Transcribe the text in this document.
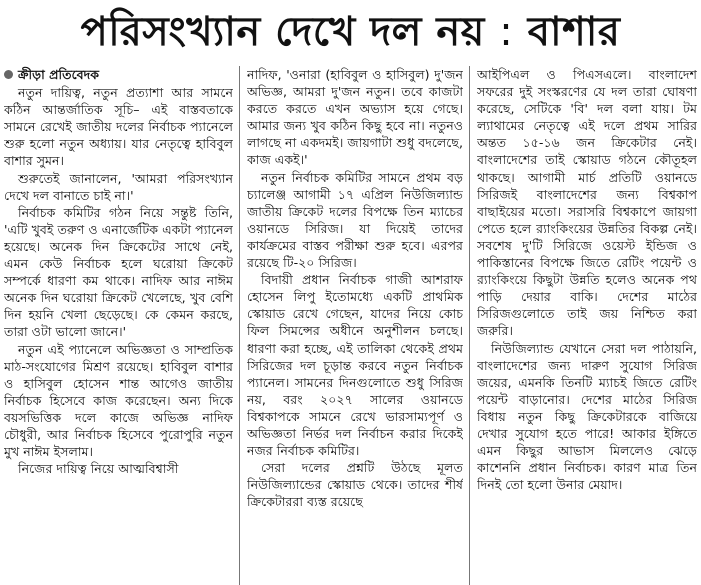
পরিসংখ্যান দেখে দল নয় : বাশার
ক্রীড়া প্রতিবেদক

নতুন দায়িত্ব, নতুন প্রত্যাশা আর সামনে কঠিন আন্তর্জাতিক সূচি– এই বাস্তবতাকে সামনে রেখেই জাতীয় দলের নির্বাচক প্যানেলে শুরু হলো নতুন অধ্যায়। যার নেতৃত্বে হাবিবুল বাশার সুমন।

শুরুতেই জানালেন, 'আমরা পরিসংখ্যান দেখে দল বানাতে চাই না।'

নির্বাচক কমিটির গঠন নিয়ে সন্তুষ্ট তিনি, 'এটি খুবই তরুণ ও এনার্জেটিক একটা প্যানেল হয়েছে। অনেক দিন ক্রিকেটের সাথে নেই, এমন কেউ নির্বাচক হলে ঘরোয়া ক্রিকেট সম্পর্কে ধারণা কম থাকে। নাদিফ আর নাঈম অনেক দিন ঘরোয়া ক্রিকেট খেলেছে, খুব বেশি দিন হয়নি খেলা ছেড়েছে। কে কেমন করছে, তারা ওটা ভালো জানে।'

নতুন এই প্যানেলে অভিজ্ঞতা ও সাম্প্রতিক মাঠ-সংযোগের মিশ্রণ রয়েছে। হাবিবুল বাশার ও হাসিবুল হোসেন শান্ত আগেও জাতীয় নির্বাচক হিসেবে কাজ করেছেন। অন্য দিকে বয়সভিত্তিক দলে কাজে অভিজ্ঞ নাদিফ চৌধুরী, আর নির্বাচক হিসেবে পুরোপুরি নতুন মুখ নাঈম ইসলাম।

নিজের দায়িত্ব নিয়ে আত্মবিশ্বাসী

নাদিফ, 'ওনারা (হাবিবুল ও হাসিবুল) দু'জন অভিজ্ঞ, আমরা দু'জন নতুন। তবে কাজটা করতে করতে এখন অভ্যাস হয়ে গেছে। আমার জন্য খুব কঠিন কিছু হবে না। নতুনও লাগছে না একদমই। জায়গাটা শুধু বদলেছে, কাজ একই।'

নতুন নির্বাচক কমিটির সামনে প্রথম বড় চ্যালেঞ্জ আগামী ১৭ এপ্রিল নিউজিল্যান্ড জাতীয় ক্রিকেট দলের বিপক্ষে তিন ম্যাচের ওয়ানডে সিরিজ। যা দিয়েই তাদের কার্যক্রমের বাস্তব পরীক্ষা শুরু হবে। এরপর রয়েছে টি-২০ সিরিজ।

বিদায়ী প্রধান নির্বাচক গাজী আশরাফ হোসেন লিপু ইতোমধ্যে একটি প্রাথমিক স্কোয়াড রেখে গেছেন, যাদের নিয়ে কোচ ফিল সিমন্সের অধীনে অনুশীলন চলছে। ধারণা করা হচ্ছে, এই তালিকা থেকেই প্রথম সিরিজের দল চূড়ান্ত করবে নতুন নির্বাচক প্যানেল। সামনের দিনগুলোতে শুধু সিরিজ নয়, বরং ২০২৭ সালের ওয়ানডে বিশ্বকাপকে সামনে রেখে ভারসাম্যপূর্ণ ও অভিজ্ঞতা নির্ভর দল নির্বাচন করার দিকেই নজর নির্বাচক কমিটির।

সেরা দলের প্রশ্নটি উঠছে মূলত নিউজিল্যান্ডের স্কোয়াড থেকে। তাদের শীর্ষ ক্রিকেটাররা ব্যস্ত রয়েছে

আইপিএল ও পিএসএলে। বাংলাদেশ সফরের দুই সংস্করণের যে দল তারা ঘোষণা করেছে, সেটিকে 'বি' দল বলা যায়। টম ল্যাথামের নেতৃত্বে এই দলে প্রথম সারির অন্তত ১৫-১৬ জন ক্রিকেটার নেই। বাংলাদেশের তাই স্কোয়াড গঠনে কৌতূহল থাকছে। আগামী মার্চ প্রতিটি ওয়ানডে সিরিজই বাংলাদেশের জন্য বিশ্বকাপ বাছাইয়ের মতো। সরাসরি বিশ্বকাপে জায়গা পেতে হলে র‍্যাংকিংয়ের উন্নতির বিকল্প নেই। সবশেষ দু'টি সিরিজে ওয়েস্ট ইন্ডিজ ও পাকিস্তানের বিপক্ষে জিতে রেটিং পয়েন্ট ও র‍্যাংকিংয়ে কিছুটা উন্নতি হলেও অনেক পথ পাড়ি দেয়ার বাকি। দেশের মাঠের সিরিজগুলোতে তাই জয় নিশ্চিত করা জরুরি।

নিউজিল্যান্ড যেখানে সেরা দল পাঠায়নি, বাংলাদেশের জন্য দারুণ সুযোগ সিরিজ জয়ের, এমনকি তিনটি ম্যাচই জিতে রেটিং পয়েন্ট বাড়ানোর। দেশের মাঠের সিরিজ বিধায় নতুন কিছু ক্রিকেটারকে বাজিয়ে দেখার সুযোগ হতে পারে! আকার ইঙ্গিতে এমন কিছুর আভাস মিললেও ঝেড়ে কাশেননি প্রধান নির্বাচক। কারণ মাত্র তিন দিনই তো হলো উনার মেয়াদ।
